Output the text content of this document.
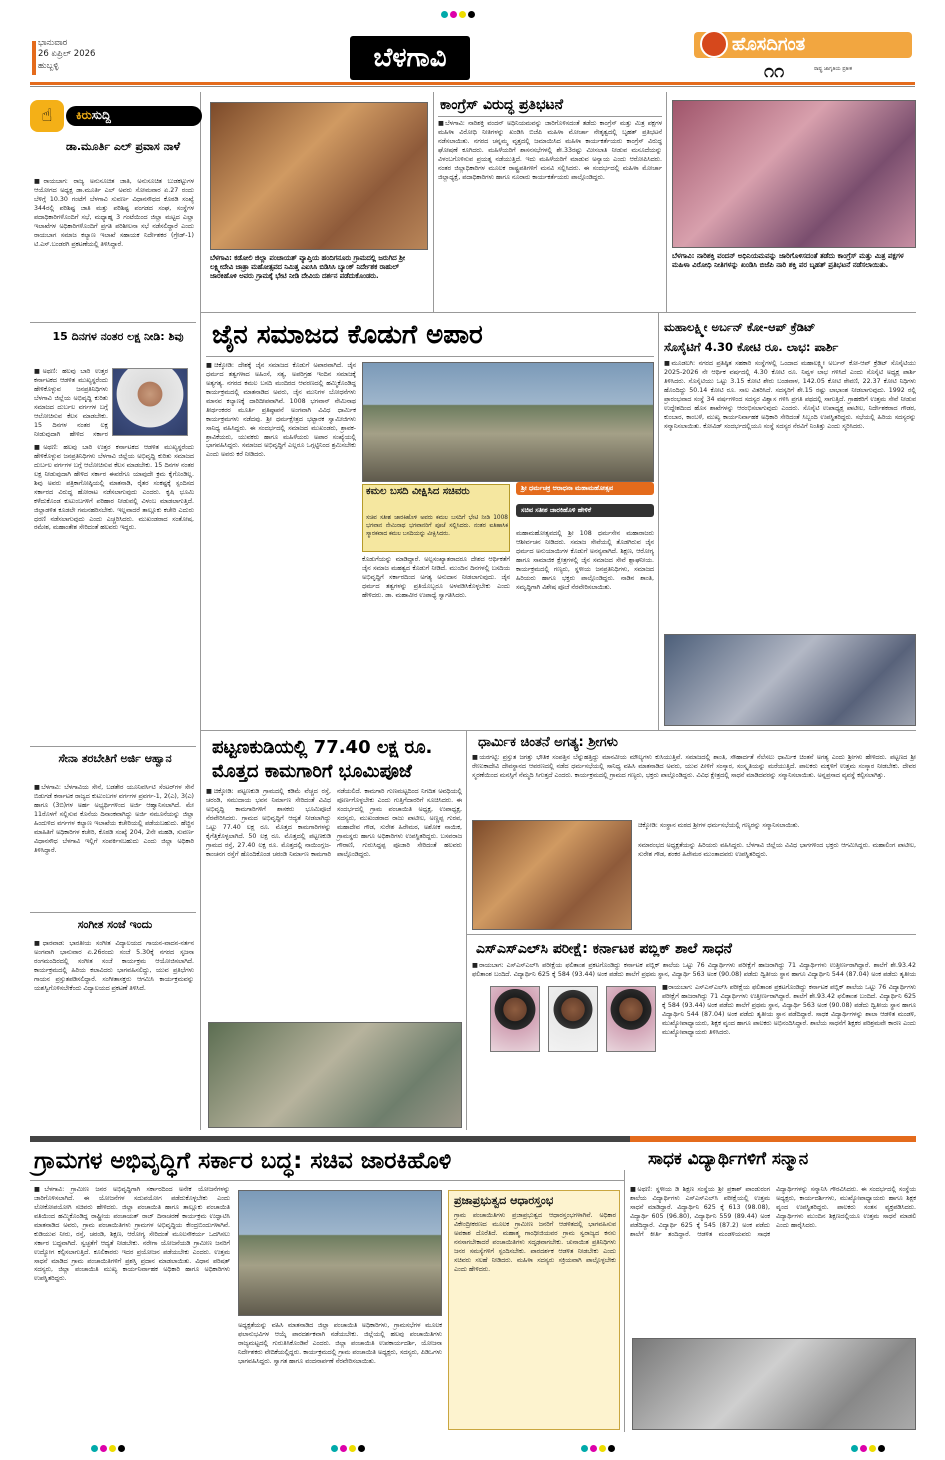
ಭಾನುವಾರ
26 ಏಪ್ರಿಲ್ 2026
ಹುಬ್ಬಳ್ಳಿ	ಬೆಳಗಾವಿ	ಹೊಸದಿಗಂತ
೧೧	ರಾಷ್ಟ್ರ ಜಾಗೃತಿಯ ಪ್ರತೀಕ
☝	ಕಿರುಸುದ್ದಿ
ಡಾ.ಮೂರ್ತಿ ಎಲ್ ಪ್ರವಾಸ ನಾಳೆ
■ರಾಯಬಾಗ: ರಾಜ್ಯ ಅನುಸೂಚಿತ ಜಾತಿ, ಅನುಸೂಚಿತ ಬುಡಕಟ್ಟುಗಳ ಆಯೋಗದ ಅಧ್ಯಕ್ಷ ಡಾ.ಮೂರ್ತಿ ಎಲ್ ಅವರು ಸೋಮವಾರ ಏ.27 ರಂದು ಬೆಳಿಗ್ಗೆ 10.30 ಗಂಟೆಗೆ ಬೆಳಗಾವಿ ಸುವರ್ಣ ವಿಧಾನಸೌಧದ ಕೊಠಡಿ ಸಂಖ್ಯೆ 344ರಲ್ಲಿ ಪರಿಶಿಷ್ಟ ಜಾತಿ ಮತ್ತು ಪರಿಶಿಷ್ಟ ಪಂಗಡದ ಸಂಘ, ಸಂಸ್ಥೆಗಳ ಪದಾಧಿಕಾರಿಗಳೊಂದಿಗೆ ಸಭೆ, ಮಧ್ಯಾಹ್ನ 3 ಗಂಟೆಯಿಂದ ಜಿಲ್ಲಾ ಮಟ್ಟದ ಎಲ್ಲಾ ಇಲಾಖೆಗಳ ಅಧಿಕಾರಿಗಳೊಂದಿಗೆ ಪ್ರಗತಿ ಪರಿಶೀಲನಾ ಸಭೆ ನಡೆಸಲಿದ್ದಾರೆ ಎಂದು ರಾಯಬಾಗ ಸಮಾಜ ಕಲ್ಯಾಣ ಇಲಾಖೆ ಸಹಾಯಕ ನಿರ್ದೇಶಕರ (ಗ್ರೇಡ್-1) ಟಿ.ಎಸ್.ಬಂಡರಗಿ ಪ್ರಕಟಣೆಯಲ್ಲಿ ತಿಳಿಸಿದ್ದಾರೆ.
15 ದಿನಗಳ ನಂತರ ಲಕ್ಷ ನೀಡಿ: ಶಿವು
■ಅಥಣಿ: ಹಲವು ಬಾರಿ ಉತ್ತರ ಕರ್ನಾಟಕದ ಆಡಳಿತ ಮುಖ್ಯಸ್ಥರೆಂದು ಹೇಳಿಕೊಳ್ಳುವ ಜನಪ್ರತಿನಿಧಿಗಳು ಬೆಳಗಾವಿ ಜಿಲ್ಲೆಯ ಅಭಿವೃದ್ಧಿ ಕುರಿತು ಸಮಾಜದ ದುರ್ಬಲ ವರ್ಗಗಳ ಬಗ್ಗೆ ಆಲೋಚಿಸುವ ಕೆಲಸ ಮಾಡಬೇಕು. 15 ದಿನಗಳ ನಂತರ ಲಕ್ಷ ನೀಡುವುದಾಗಿ ಹೇಳಿದ ಸರ್ಕಾರ
■ಅಥಣಿ: ಹಲವು ಬಾರಿ ಉತ್ತರ ಕರ್ನಾಟಕದ ಆಡಳಿತ ಮುಖ್ಯಸ್ಥರೆಂದು ಹೇಳಿಕೊಳ್ಳುವ ಜನಪ್ರತಿನಿಧಿಗಳು ಬೆಳಗಾವಿ ಜಿಲ್ಲೆಯ ಅಭಿವೃದ್ಧಿ ಕುರಿತು ಸಮಾಜದ ದುರ್ಬಲ ವರ್ಗಗಳ ಬಗ್ಗೆ ಆಲೋಚಿಸುವ ಕೆಲಸ ಮಾಡಬೇಕು. 15 ದಿನಗಳ ನಂತರ ಲಕ್ಷ ನೀಡುವುದಾಗಿ ಹೇಳಿದ ಸರ್ಕಾರ ಈವರೆಗೂ ಯಾವುದೇ ಕ್ರಮ ಕೈಗೊಂಡಿಲ್ಲ. ಶಿವು ಅವರು ಪತ್ರಿಕಾಗೋಷ್ಠಿಯಲ್ಲಿ ಮಾತನಾಡಿ, ರೈತರ ಸಂಕಷ್ಟಕ್ಕೆ ಸ್ಪಂದಿಸದ ಸರ್ಕಾರದ ವಿರುದ್ಧ ಹೋರಾಟ ನಡೆಸಲಾಗುವುದು ಎಂದರು. ಕೃಷಿ ಭೂಮಿ ಕಳೆದುಕೊಂಡ ಕುಟುಂಬಗಳಿಗೆ ಪರಿಹಾರ ನೀಡುವಲ್ಲಿ ವಿಳಂಬ ಮಾಡಲಾಗುತ್ತಿದೆ. ಜಿಲ್ಲಾಡಳಿತ ಕೂಡಲೇ ಗಮನಹರಿಸಬೇಕು. ಇಲ್ಲವಾದರೆ ತಾಲ್ಲೂಕು ಕಚೇರಿ ಎದುರು ಧರಣಿ ನಡೆಸಲಾಗುವುದು ಎಂದು ಎಚ್ಚರಿಸಿದರು. ಮುಖಂಡರಾದ ಸಂತೋಷ, ರಮೇಶ, ಮಹಾಂತೇಶ ಸೇರಿದಂತೆ ಹಲವರು ಇದ್ದರು.
ಸೇನಾ ತರಬೇತಿಗೆ ಅರ್ಜಿ ಆಹ್ವಾನ
■ಬೆಳಗಾವಿ: ಬೆಳಗಾವಿಯ ಸೇನೆ, ಬಡತೇರ ಯೂನಿವರ್ಸಿಟಿ ಸೆಂಟರ್‌ಗಳ ಸೇನೆ ಬಿಡುಗಡೆ ಕರ್ನಾಟಕ ರಾಜ್ಯದ ಕುಟುಂಬಗಳ ವರ್ಗಗಳ ಪ್ರವರ್ಗ-1, 2(ಎ), 3(ಎ) ಹಾಗೂ (3ಬಿ)ಗಳ ಅರ್ಹ ಅಭ್ಯರ್ಥಿಗಳಿಂದ ಅರ್ಜಿ ಆಹ್ವಾನಿಸಲಾಗಿದೆ. ಮೇ 11ರೊಳಗೆ ಸಲ್ಲಿಸುವ ಕೊನೆಯ ದಿನಾಂಕವಾಗಿದ್ದು ಅರ್ಜಿ ನಮೂನೆಯನ್ನು ಜಿಲ್ಲಾ ಹಿಂದುಳಿದ ವರ್ಗಗಳ ಕಲ್ಯಾಣ ಇಲಾಖೆಯ ಕಚೇರಿಯಲ್ಲಿ ಪಡೆಯಬಹುದು. ಹೆಚ್ಚಿನ ಮಾಹಿತಿಗೆ ಅಧಿಕಾರಿಗಳ ಕಚೇರಿ, ಕೊಠಡಿ ಸಂಖ್ಯೆ 204, 2ನೇ ಮಹಡಿ, ಸುವರ್ಣ ವಿಧಾನಸೌಧ ಬೆಳಗಾವಿ ಇಲ್ಲಿಗೆ ಸಂಪರ್ಕಿಸಬಹುದು ಎಂದು ಜಿಲ್ಲಾ ಅಧಿಕಾರಿ ತಿಳಿಸಿದ್ದಾರೆ.
ಸಂಗೀತ ಸಂಜೆ ಇಂದು
■ಧಾರವಾಡ: ಭಾರತೀಯ ಸಂಗೀತ ವಿದ್ಯಾಲಯದ ಗಾಯನ-ವಾದನ-ನರ್ತನ ಅಂಗವಾಗಿ ಭಾನುವಾರ ಏ.26ರಂದು ಸಂಜೆ 5.30ಕ್ಕೆ ನಗರದ ಸೃಜನಾ ರಂಗಮಂದಿರದಲ್ಲಿ ಸಂಗೀತ ಸಂಜೆ ಕಾರ್ಯಕ್ರಮ ಆಯೋಜಿಸಲಾಗಿದೆ. ಕಾರ್ಯಕ್ರಮದಲ್ಲಿ ಹಿರಿಯ ಕಲಾವಿದರು ಭಾಗವಹಿಸಲಿದ್ದು, ಯುವ ಪ್ರತಿಭೆಗಳು ಗಾಯನ ಪ್ರಸ್ತುತಪಡಿಸಲಿದ್ದಾರೆ. ಸಂಗೀತಾಸಕ್ತರು ಆಗಮಿಸಿ ಕಾರ್ಯಕ್ರಮವನ್ನು ಯಶಸ್ವಿಗೊಳಿಸಬೇಕೆಂದು ವಿದ್ಯಾಲಯದ ಪ್ರಕಟಣೆ ತಿಳಿಸಿದೆ.
ಬೆಳಗಾವಿ: ಕಡೋಲಿ ಜಿಲ್ಲಾ ಪಂಚಾಯತ್ ವ್ಯಾಪ್ತಿಯ ಹಂದಿಗನೂರು ಗ್ರಾಮದಲ್ಲಿ ಜರುಗಿದ ಶ್ರೀ ಲಕ್ಷ್ಮೀದೇವಿ ಜಾತ್ರಾ ಮಹೋತ್ಸವದ ನಿಮಿತ್ತ ಎಐಸಿಸಿ ಬಿಡಿಸಿಸಿ ಬ್ಯಾಂಕ್ ನಿರ್ದೇಶಕ ರಾಹುಲ್ ಜಾರಕಿಹೊಳಿ ಅವರು ಗ್ರಾಮಕ್ಕೆ ಭೇಟಿ ನೀಡಿ ದೇವಿಯ ದರ್ಶನ ಪಡೆದುಕೊಂಡರು.
ಕಾಂಗ್ರೆಸ್ ವಿರುದ್ಧ ಪ್ರತಿಭಟನೆ
■ಬೆಳಗಾವಿ: ನಾರಿಶಕ್ತಿ ವಂದನ್ ಅಧಿನಿಯಮವನ್ನು ಜಾರಿಗೊಳಿಸದಂತೆ ತಡೆದು ಕಾಂಗ್ರೆಸ್ ಮತ್ತು ಮಿತ್ರ ಪಕ್ಷಗಳ ಮಹಿಳಾ ವಿರೋಧಿ ನೀತಿಗಳನ್ನು ಖಂಡಿಸಿ ಬಿಜೆಪಿ ಮಹಿಳಾ ಮೋರ್ಚಾ ನೇತೃತ್ವದಲ್ಲಿ ಬೃಹತ್ ಪ್ರತಿಭಟನೆ ನಡೆಸಲಾಯಿತು. ನಗರದ ಚನ್ನಮ್ಮ ವೃತ್ತದಲ್ಲಿ ಜಮಾಯಿಸಿದ ಮಹಿಳಾ ಕಾರ್ಯಕರ್ತೆಯರು ಕಾಂಗ್ರೆಸ್ ವಿರುದ್ಧ ಘೋಷಣೆ ಕೂಗಿದರು. ಮಹಿಳೆಯರಿಗೆ ಶಾಸನಸಭೆಗಳಲ್ಲಿ ಶೇ.33ರಷ್ಟು ಮೀಸಲಾತಿ ನೀಡುವ ಮಸೂದೆಯನ್ನು ವಿಳಂಬಗೊಳಿಸುವ ಪ್ರಯತ್ನ ನಡೆಯುತ್ತಿದೆ. ಇದು ಮಹಿಳೆಯರಿಗೆ ಮಾಡುವ ಅನ್ಯಾಯ ಎಂದು ಆರೋಪಿಸಿದರು. ನಂತರ ಜಿಲ್ಲಾಧಿಕಾರಿಗಳ ಮೂಲಕ ರಾಷ್ಟ್ರಪತಿಗಳಿಗೆ ಮನವಿ ಸಲ್ಲಿಸಿದರು. ಈ ಸಂದರ್ಭದಲ್ಲಿ ಮಹಿಳಾ ಮೋರ್ಚಾ ಜಿಲ್ಲಾಧ್ಯಕ್ಷೆ, ಪದಾಧಿಕಾರಿಗಳು ಹಾಗೂ ನೂರಾರು ಕಾರ್ಯಕರ್ತೆಯರು ಪಾಲ್ಗೊಂಡಿದ್ದರು.
ಬೆಳಗಾವಿ: ನಾರಿಶಕ್ತಿ ವಂದನ್ ಅಧಿನಿಯಮವನ್ನು ಜಾರಿಗೊಳಿಸದಂತೆ ತಡೆದು ಕಾಂಗ್ರೆಸ್ ಮತ್ತು ಮಿತ್ರ ಪಕ್ಷಗಳ ಮಹಿಳಾ ವಿರೋಧಿ ನೀತಿಗಳನ್ನು ಖಂಡಿಸಿ ಬಿಜೆಪಿ ನಾರಿ ಶಕ್ತಿ ಪರ ಬೃಹತ್ ಪ್ರತಿಭಟನೆ ನಡೆಸಲಾಯಿತು.
ಜೈನ ಸಮಾಜದ ಕೊಡುಗೆ ಅಪಾರ
■ಚಿಕ್ಕೋಡಿ: ದೇಶಕ್ಕೆ ಜೈನ ಸಮಾಜದ ಕೊಡುಗೆ ಅಪಾರವಾಗಿದೆ. ಜೈನ ಧರ್ಮದ ತತ್ವಗಳಾದ ಅಹಿಂಸೆ, ಸತ್ಯ, ಅಪರಿಗ್ರಹ ಇಂದಿನ ಸಮಾಜಕ್ಕೆ ಅತ್ಯಗತ್ಯ. ನಗರದ ಕಮಲ ಬಸದಿ ಮಂದಿರದ ಆವರಣದಲ್ಲಿ ಹಮ್ಮಿಕೊಂಡಿದ್ದ ಕಾರ್ಯಕ್ರಮದಲ್ಲಿ ಮಾತನಾಡಿದ ಅವರು, ಜೈನ ಮುನಿಗಳ ಬೋಧನೆಗಳು ಮಾನವ ಕಲ್ಯಾಣಕ್ಕೆ ದಾರಿದೀಪವಾಗಿವೆ. 1008 ಭಗವಾನ್ ನೇಮಿನಾಥ ತೀರ್ಥಂಕರರ ಮೂರ್ತಿ ಪ್ರತಿಷ್ಠಾಪನೆ ಅಂಗವಾಗಿ ವಿವಿಧ ಧಾರ್ಮಿಕ ಕಾರ್ಯಕ್ರಮಗಳು ನಡೆದವು. ಶ್ರೀ ಧರ್ಮಕ್ಷೇತ್ರದ ಭಟ್ಟಾರಕ ಸ್ವಾಮೀಜಿಗಳು ಸಾನಿಧ್ಯ ವಹಿಸಿದ್ದರು. ಈ ಸಂದರ್ಭದಲ್ಲಿ ಸಮಾಜದ ಮುಖಂಡರು, ಶ್ರಾವಕ-ಶ್ರಾವಿಕೆಯರು, ಯುವಕರು ಹಾಗೂ ಮಹಿಳೆಯರು ಅಪಾರ ಸಂಖ್ಯೆಯಲ್ಲಿ ಭಾಗವಹಿಸಿದ್ದರು. ಸಮಾಜದ ಅಭಿವೃದ್ಧಿಗೆ ಎಲ್ಲರೂ ಒಗ್ಗಟ್ಟಿನಿಂದ ಶ್ರಮಿಸಬೇಕು ಎಂದು ಅವರು ಕರೆ ನೀಡಿದರು.
ಶ್ರೀ ಧರ್ಮಚಕ್ರ ಆರಾಧನಾ ಮಹಾಮಹೋತ್ಸವ
ಸಚಿವ ಸತೀಶ ಜಾರಕಿಹೊಳಿ ಹೇಳಿಕೆ
ಕಮಲ ಬಸದಿ ವೀಕ್ಷಿಸಿದ ಸಚಿವರು
ಸಚಿವ ಸತೀಶ ಜಾರಕಿಹೊಳಿ ಅವರು ಕಮಲ ಬಸದಿಗೆ ಭೇಟಿ ನೀಡಿ 1008 ಭಗವಾನ ನೇಮಿನಾಥ ಭಗವಾನರಿಗೆ ಪೂಜೆ ಸಲ್ಲಿಸಿದರು. ನಂತರ ಐತಿಹಾಸಿಕ ಸ್ಮಾರಕವಾದ ಕಮಲ ಬಸದಿಯನ್ನು ವೀಕ್ಷಿಸಿದರು.
ಕೊಡುಗೆಯನ್ನು ಮಾಡಿದ್ದಾರೆ. ಅಲ್ಪಸಂಖ್ಯಾತರಾದರೂ ದೇಶದ ಆರ್ಥಿಕತೆಗೆ ಜೈನ ಸಮಾಜ ಮಹತ್ವದ ಕೊಡುಗೆ ನೀಡಿದೆ. ಮುಂದಿನ ದಿನಗಳಲ್ಲಿ ಬಸದಿಯ ಅಭಿವೃದ್ಧಿಗೆ ಸರ್ಕಾರದಿಂದ ಅಗತ್ಯ ಅನುದಾನ ನೀಡಲಾಗುವುದು. ಜೈನ ಧರ್ಮದ ತತ್ವಗಳನ್ನು ಪ್ರತಿಯೊಬ್ಬರೂ ಅಳವಡಿಸಿಕೊಳ್ಳಬೇಕು ಎಂದು ಹೇಳಿದರು. ಡಾ. ಮಹಾವೀರ ಉಪಾಧ್ಯೆ ಸ್ವಾಗತಿಸಿದರು.
ಮಹಾಮಹೋತ್ಸವದಲ್ಲಿ ಶ್ರೀ 108 ಧರ್ಮಸೇನ ಮಹಾರಾಜರು ಆಶೀರ್ವಚನ ನೀಡಿದರು. ಸಮಾಜ ಸೇವೆಯಲ್ಲಿ ತೊಡಗಿರುವ ಜೈನ ಧರ್ಮದ ಅನುಯಾಯಿಗಳ ಕೊಡುಗೆ ಅನನ್ಯವಾಗಿದೆ. ಶಿಕ್ಷಣ, ಆರೋಗ್ಯ ಹಾಗೂ ಸಾಮಾಜಿಕ ಕ್ಷೇತ್ರಗಳಲ್ಲಿ ಜೈನ ಸಮಾಜದ ಸೇವೆ ಶ್ಲಾಘನೀಯ. ಕಾರ್ಯಕ್ರಮದಲ್ಲಿ ಗಣ್ಯರು, ಸ್ಥಳೀಯ ಜನಪ್ರತಿನಿಧಿಗಳು, ಸಮಾಜದ ಹಿರಿಯರು ಹಾಗೂ ಭಕ್ತರು ಪಾಲ್ಗೊಂಡಿದ್ದರು. ನಾಡಿನ ಶಾಂತಿ, ಸಮೃದ್ಧಿಗಾಗಿ ವಿಶೇಷ ಪೂಜೆ ನೆರವೇರಿಸಲಾಯಿತು.
ಮಹಾಲಕ್ಷ್ಮೀ ಅರ್ಬನ್ ಕೋ-ಆಪ್ ಕ್ರೆಡಿಟ್
ಸೊಸೈಟಿಗೆ 4.30 ಕೋಟಿ ರೂ. ಲಾಭ: ಪಾರ್ಶಿ
■ಮೂಡಲಗಿ: ನಗರದ ಪ್ರತಿಷ್ಠಿತ ಸಹಕಾರಿ ಸಂಸ್ಥೆಗಳಲ್ಲಿ ಒಂದಾದ ಮಹಾಲಕ್ಷ್ಮೀ ಅರ್ಬನ್ ಕೋ-ಆಪ್ ಕ್ರೆಡಿಟ್ ಸೊಸೈಟಿಯು 2025-2026 ನೇ ಆರ್ಥಿಕ ವರ್ಷದಲ್ಲಿ 4.30 ಕೋಟಿ ರೂ. ನಿವ್ವಳ ಲಾಭ ಗಳಿಸಿದೆ ಎಂದು ಸೊಸೈಟಿ ಅಧ್ಯಕ್ಷ ಪಾರ್ಶಿ ತಿಳಿಸಿದರು. ಸೊಸೈಟಿಯು ಒಟ್ಟು 3.15 ಕೋಟಿ ಶೇರು ಬಂಡವಾಳ, 142.05 ಕೋಟಿ ಠೇವಣಿ, 22.37 ಕೋಟಿ ನಿಧಿಗಳು ಹೊಂದಿದ್ದು 50.14 ಕೋಟಿ ರೂ. ಸಾಲ ವಿತರಿಸಿದೆ. ಸದಸ್ಯರಿಗೆ ಶೇ.15 ರಷ್ಟು ಲಾಭಾಂಶ ನೀಡಲಾಗುವುದು. 1992 ರಲ್ಲಿ ಪ್ರಾರಂಭವಾದ ಸಂಸ್ಥೆ 34 ವರ್ಷಗಳಿಂದ ಸದಸ್ಯರ ವಿಶ್ವಾಸ ಗಳಿಸಿ ಪ್ರಗತಿ ಪಥದಲ್ಲಿ ಸಾಗುತ್ತಿದೆ. ಗ್ರಾಹಕರಿಗೆ ಉತ್ತಮ ಸೇವೆ ನೀಡುವ ಉದ್ದೇಶದಿಂದ ಹೊಸ ಶಾಖೆಗಳನ್ನು ಆರಂಭಿಸಲಾಗುವುದು ಎಂದರು. ಸೊಸೈಟಿ ಉಪಾಧ್ಯಕ್ಷ ಪಾಟೀಲ, ನಿರ್ದೇಶಕರಾದ ಗೌಡರ, ಕುಂಬಾರ, ಕಾಂಬಳೆ, ಮುಖ್ಯ ಕಾರ್ಯನಿರ್ವಾಹಕ ಅಧಿಕಾರಿ ಸೇರಿದಂತೆ ಸಿಬ್ಬಂದಿ ಉಪಸ್ಥಿತರಿದ್ದರು. ಸಭೆಯಲ್ಲಿ ಹಿರಿಯ ಸದಸ್ಯರನ್ನು ಸನ್ಮಾನಿಸಲಾಯಿತು. ಕೋವಿಡ್ ಸಂದರ್ಭದಲ್ಲಿಯೂ ಸಂಸ್ಥೆ ಸದಸ್ಯರ ನೆರವಿಗೆ ನಿಂತಿತ್ತು ಎಂದು ಸ್ಮರಿಸಿದರು.
ಪಟ್ಟಣಕುಡಿಯಲ್ಲಿ 77.40 ಲಕ್ಷ ರೂ.
ಮೊತ್ತದ ಕಾಮಗಾರಿಗೆ ಭೂಮಿಪೂಜೆ
■ಚಿಕ್ಕೋಡಿ: ಪಟ್ಟಣಕುಡಿ ಗ್ರಾಮದಲ್ಲಿ ಕಡಿಮೆ ವೆಚ್ಚದ ರಸ್ತೆ, ಚರಂಡಿ, ಸಮುದಾಯ ಭವನ ನಿರ್ಮಾಣ ಸೇರಿದಂತೆ ವಿವಿಧ ಅಭಿವೃದ್ಧಿ ಕಾಮಗಾರಿಗಳಿಗೆ ಶಾಸಕರು ಭೂಮಿಪೂಜೆ ನೆರವೇರಿಸಿದರು. ಗ್ರಾಮದ ಅಭಿವೃದ್ಧಿಗೆ ಆದ್ಯತೆ ನೀಡಲಾಗಿದ್ದು ಒಟ್ಟು 77.40 ಲಕ್ಷ ರೂ. ಮೊತ್ತದ ಕಾಮಗಾರಿಗಳನ್ನು ಕೈಗೆತ್ತಿಕೊಳ್ಳಲಾಗಿದೆ. 50 ಲಕ್ಷ ರೂ. ಮೊತ್ತದಲ್ಲಿ ಪಟ್ಟಣಕುಡಿ ಗ್ರಾಮದ ರಸ್ತೆ, 27.40 ಲಕ್ಷ ರೂ. ಮೊತ್ತದಲ್ಲಿ ನಾಯಿಂಗ್ಲಜ-ಕಾಂಚನಗ ರಸ್ತೆಗೆ ಹೊಂದಿಕೊಂಡ ಚರಂಡಿ ನಿರ್ಮಾಣ ಕಾಮಗಾರಿ ನಡೆಯಲಿದೆ. ಕಾಮಗಾರಿ ಗುಣಮಟ್ಟದಿಂದ ನಿಗದಿತ ಅವಧಿಯಲ್ಲಿ ಪೂರ್ಣಗೊಳ್ಳಬೇಕು ಎಂದು ಗುತ್ತಿಗೆದಾರರಿಗೆ ಸೂಚಿಸಿದರು. ಈ ಸಂದರ್ಭದಲ್ಲಿ ಗ್ರಾಮ ಪಂಚಾಯಿತಿ ಅಧ್ಯಕ್ಷ, ಉಪಾಧ್ಯಕ್ಷ, ಸದಸ್ಯರು, ಮುಖಂಡರಾದ ರಾಜು ಪಾಟೀಲ, ಅಣ್ಣಪ್ಪ ಗುರವ, ಮಹಾದೇವ ಗೌಡ, ಸುರೇಶ ಹಿರೇಮಠ, ಅಶೋಕ ನಾಯಿಕ, ಗ್ರಾಮಸ್ಥರು ಹಾಗೂ ಅಧಿಕಾರಿಗಳು ಉಪಸ್ಥಿತರಿದ್ದರು. ಬಸವರಾಜ ಗೌರಾಣಿ, ಗುರುಸಿದ್ದಪ್ಪ ಪೂಜಾರಿ ಸೇರಿದಂತೆ ಹಲವರು ಪಾಲ್ಗೊಂಡಿದ್ದರು.
ಧಾರ್ಮಿಕ ಚಿಂತನೆ ಅಗತ್ಯ: ಶ್ರೀಗಳು
■ಯರಗಟ್ಟಿ: ಪ್ರಸ್ತುತ ಜಗತ್ತು ಭೌತಿಕ ಸಂಪತ್ತಿನ ಬೆನ್ನುಹತ್ತಿದ್ದು ಮಾನವೀಯ ಮೌಲ್ಯಗಳು ಕುಸಿಯುತ್ತಿವೆ. ಸಮಾಜದಲ್ಲಿ ಶಾಂತಿ, ಸೌಹಾರ್ದತೆ ನೆಲೆಸಲು ಧಾರ್ಮಿಕ ಚಿಂತನೆ ಅಗತ್ಯ ಎಂದು ಶ್ರೀಗಳು ಹೇಳಿದರು. ಪಟ್ಟಣದ ಶ್ರೀ ರೇಣುಕಾದೇವಿ ದೇವಸ್ಥಾನದ ಆವರಣದಲ್ಲಿ ನಡೆದ ಧರ್ಮಸಭೆಯಲ್ಲಿ ಸಾನಿಧ್ಯ ವಹಿಸಿ ಮಾತನಾಡಿದ ಅವರು, ಯುವ ಪೀಳಿಗೆ ಸಂಸ್ಕಾರ, ಸಂಸ್ಕೃತಿಯನ್ನು ಮರೆಯುತ್ತಿದೆ. ಪಾಲಕರು ಮಕ್ಕಳಿಗೆ ಉತ್ತಮ ಸಂಸ್ಕಾರ ನೀಡಬೇಕು. ದೇವರ ಸ್ಮರಣೆಯಿಂದ ಮನಸ್ಸಿಗೆ ನೆಮ್ಮದಿ ಸಿಗುತ್ತದೆ ಎಂದರು. ಕಾರ್ಯಕ್ರಮದಲ್ಲಿ ಗ್ರಾಮದ ಗಣ್ಯರು, ಭಕ್ತರು ಪಾಲ್ಗೊಂಡಿದ್ದರು. ವಿವಿಧ ಕ್ಷೇತ್ರದಲ್ಲಿ ಸಾಧನೆ ಮಾಡಿದವರನ್ನು ಸನ್ಮಾನಿಸಲಾಯಿತು. ಅನ್ನಪ್ರಸಾದ ವ್ಯವಸ್ಥೆ ಕಲ್ಪಿಸಲಾಗಿತ್ತು.
ಚಿಕ್ಕೋಡಿ: ಸಂಸ್ಥಾನ ಮಠದ ಶ್ರೀಗಳ ಧರ್ಮಸಭೆಯಲ್ಲಿ ಗಣ್ಯರನ್ನು ಸನ್ಮಾನಿಸಲಾಯಿತು.
ಸಮಾರಂಭದ ಅಧ್ಯಕ್ಷತೆಯನ್ನು ಹಿರಿಯರು ವಹಿಸಿದ್ದರು. ಬೆಳಗಾವಿ ಜಿಲ್ಲೆಯ ವಿವಿಧ ಭಾಗಗಳಿಂದ ಭಕ್ತರು ಆಗಮಿಸಿದ್ದರು. ಮಹಾಲಿಂಗ ಪಾಟೀಲ, ಸುರೇಶ ಗೌಡ, ಶಂಕರ ಹಿರೇಮಠ ಮುಂತಾದವರು ಉಪಸ್ಥಿತರಿದ್ದರು.
ಎಸ್‌ಎಸ್‌ಎಲ್‌ಸಿ ಪರೀಕ್ಷೆ: ಕರ್ನಾಟಕ ಪಬ್ಲಿಕ್ ಶಾಲೆ ಸಾಧನೆ
■ರಾಯಬಾಗ: ಎಸ್‌ಎಸ್‌ಎಲ್‌ಸಿ ಪರೀಕ್ಷೆಯ ಫಲಿತಾಂಶ ಪ್ರಕಟಗೊಂಡಿದ್ದು ಕರ್ನಾಟಕ ಪಬ್ಲಿಕ್ ಶಾಲೆಯ ಒಟ್ಟು 76 ವಿದ್ಯಾರ್ಥಿಗಳು ಪರೀಕ್ಷೆಗೆ ಹಾಜರಾಗಿದ್ದು 71 ವಿದ್ಯಾರ್ಥಿಗಳು ಉತ್ತೀರ್ಣರಾಗಿದ್ದಾರೆ. ಶಾಲೆಗೆ ಶೇ.93.42 ಫಲಿತಾಂಶ ಬಂದಿದೆ. ವಿದ್ಯಾರ್ಥಿನಿ 625 ಕ್ಕೆ 584 (93.44) ಅಂಕ ಪಡೆದು ಶಾಲೆಗೆ ಪ್ರಥಮ ಸ್ಥಾನ, ವಿದ್ಯಾರ್ಥಿ 563 ಅಂಕ (90.08) ಪಡೆದು ದ್ವಿತೀಯ ಸ್ಥಾನ ಹಾಗೂ ವಿದ್ಯಾರ್ಥಿನಿ 544 (87.04) ಅಂಕ ಪಡೆದು ತೃತೀಯ
■ರಾಯಬಾಗ: ಎಸ್‌ಎಸ್‌ಎಲ್‌ಸಿ ಪರೀಕ್ಷೆಯ ಫಲಿತಾಂಶ ಪ್ರಕಟಗೊಂಡಿದ್ದು ಕರ್ನಾಟಕ ಪಬ್ಲಿಕ್ ಶಾಲೆಯ ಒಟ್ಟು 76 ವಿದ್ಯಾರ್ಥಿಗಳು ಪರೀಕ್ಷೆಗೆ ಹಾಜರಾಗಿದ್ದು 71 ವಿದ್ಯಾರ್ಥಿಗಳು ಉತ್ತೀರ್ಣರಾಗಿದ್ದಾರೆ. ಶಾಲೆಗೆ ಶೇ.93.42 ಫಲಿತಾಂಶ ಬಂದಿದೆ. ವಿದ್ಯಾರ್ಥಿನಿ 625 ಕ್ಕೆ 584 (93.44) ಅಂಕ ಪಡೆದು ಶಾಲೆಗೆ ಪ್ರಥಮ ಸ್ಥಾನ, ವಿದ್ಯಾರ್ಥಿ 563 ಅಂಕ (90.08) ಪಡೆದು ದ್ವಿತೀಯ ಸ್ಥಾನ ಹಾಗೂ ವಿದ್ಯಾರ್ಥಿನಿ 544 (87.04) ಅಂಕ ಪಡೆದು ತೃತೀಯ ಸ್ಥಾನ ಪಡೆದಿದ್ದಾರೆ. ಸಾಧಕ ವಿದ್ಯಾರ್ಥಿಗಳನ್ನು ಶಾಲಾ ಆಡಳಿತ ಮಂಡಳಿ, ಮುಖ್ಯೋಪಾಧ್ಯಾಯರು, ಶಿಕ್ಷಕ ವೃಂದ ಹಾಗೂ ಪಾಲಕರು ಅಭಿನಂದಿಸಿದ್ದಾರೆ. ಶಾಲೆಯ ಸಾಧನೆಗೆ ಶಿಕ್ಷಕರ ಪರಿಶ್ರಮವೇ ಕಾರಣ ಎಂದು ಮುಖ್ಯೋಪಾಧ್ಯಾಯರು ತಿಳಿಸಿದರು.
ಗ್ರಾಮಗಳ ಅಭಿವೃದ್ಧಿಗೆ ಸರ್ಕಾರ ಬದ್ಧ: ಸಚಿವ ಜಾರಕಿಹೊಳಿ
■ಬೆಳಗಾವಿ: ಗ್ರಾಮೀಣ ಜನರ ಅಭಿವೃದ್ಧಿಗಾಗಿ ಸರ್ಕಾರದಿಂದ ಅನೇಕ ಯೋಜನೆಗಳನ್ನು ಜಾರಿಗೊಳಿಸಲಾಗಿದೆ. ಈ ಯೋಜನೆಗಳ ಸದುಪಯೋಗ ಪಡೆದುಕೊಳ್ಳಬೇಕು ಎಂದು ಲೋಕೋಪಯೋಗಿ ಸಚಿವರು ಹೇಳಿದರು. ಜಿಲ್ಲಾ ಪಂಚಾಯಿತಿ ಹಾಗೂ ತಾಲ್ಲೂಕು ಪಂಚಾಯಿತಿ ವತಿಯಿಂದ ಹಮ್ಮಿಕೊಂಡಿದ್ದ ರಾಷ್ಟ್ರೀಯ ಪಂಚಾಯತ್ ರಾಜ್ ದಿನಾಚರಣೆ ಕಾರ್ಯಕ್ರಮ ಉದ್ಘಾಟಿಸಿ ಮಾತನಾಡಿದ ಅವರು, ಗ್ರಾಮ ಪಂಚಾಯಿತಿಗಳು ಗ್ರಾಮಗಳ ಅಭಿವೃದ್ಧಿಯ ಕೇಂದ್ರಬಿಂದುಗಳಾಗಿವೆ. ಕುಡಿಯುವ ನೀರು, ರಸ್ತೆ, ಚರಂಡಿ, ಶಿಕ್ಷಣ, ಆರೋಗ್ಯ ಸೇರಿದಂತೆ ಮೂಲಸೌಕರ್ಯ ಒದಗಿಸಲು ಸರ್ಕಾರ ಬದ್ಧವಾಗಿದೆ. ಸ್ವಚ್ಛತೆಗೆ ಆದ್ಯತೆ ನೀಡಬೇಕು. ನರೇಗಾ ಯೋಜನೆಯಡಿ ಗ್ರಾಮೀಣ ಜನರಿಗೆ ಉದ್ಯೋಗ ಕಲ್ಪಿಸಲಾಗುತ್ತಿದೆ. ಕೂಲಿಕಾರರು ಇದರ ಪ್ರಯೋಜನ ಪಡೆಯಬೇಕು ಎಂದರು. ಉತ್ತಮ ಸಾಧನೆ ಮಾಡಿದ ಗ್ರಾಮ ಪಂಚಾಯಿತಿಗಳಿಗೆ ಪ್ರಶಸ್ತಿ ಪ್ರದಾನ ಮಾಡಲಾಯಿತು. ವಿಧಾನ ಪರಿಷತ್ ಸದಸ್ಯರು, ಜಿಲ್ಲಾ ಪಂಚಾಯಿತಿ ಮುಖ್ಯ ಕಾರ್ಯನಿರ್ವಾಹಕ ಅಧಿಕಾರಿ ಹಾಗೂ ಅಧಿಕಾರಿಗಳು ಉಪಸ್ಥಿತರಿದ್ದರು.
ಅಧ್ಯಕ್ಷತೆಯನ್ನು ವಹಿಸಿ ಮಾತನಾಡಿದ ಜಿಲ್ಲಾ ಪಂಚಾಯಿತಿ ಅಧಿಕಾರಿಗಳು, ಗ್ರಾಮಸಭೆಗಳ ಮೂಲಕ ಫಲಾನುಭವಿಗಳ ಆಯ್ಕೆ ಪಾರದರ್ಶಕವಾಗಿ ನಡೆಯಬೇಕು. ಜಿಲ್ಲೆಯಲ್ಲಿ ಹಲವು ಪಂಚಾಯಿತಿಗಳು ರಾಜ್ಯಮಟ್ಟದಲ್ಲಿ ಗುರುತಿಸಿಕೊಂಡಿವೆ ಎಂದರು. ಜಿಲ್ಲಾ ಪಂಚಾಯಿತಿ ಉಪಕಾರ್ಯದರ್ಶಿ, ಯೋಜನಾ ನಿರ್ದೇಶಕರು ವೇದಿಕೆಯಲ್ಲಿದ್ದರು. ಕಾರ್ಯಕ್ರಮದಲ್ಲಿ ಗ್ರಾಮ ಪಂಚಾಯಿತಿ ಅಧ್ಯಕ್ಷರು, ಸದಸ್ಯರು, ಪಿಡಿಒಗಳು ಭಾಗವಹಿಸಿದ್ದರು. ಸ್ವಾಗತ ಹಾಗೂ ವಂದನಾರ್ಪಣೆ ನೆರವೇರಿಸಲಾಯಿತು.
ಪ್ರಜಾಪ್ರಭುತ್ವದ ಆಧಾರಸ್ತಂಭ
ಗ್ರಾಮ ಪಂಚಾಯಿತಿಗಳು ಪ್ರಜಾಪ್ರಭುತ್ವದ ಆಧಾರಸ್ತಂಭಗಳಾಗಿವೆ. ಅಧಿಕಾರ ವಿಕೇಂದ್ರೀಕರಣದ ಮೂಲಕ ಗ್ರಾಮೀಣ ಜನರಿಗೆ ಆಡಳಿತದಲ್ಲಿ ಭಾಗವಹಿಸುವ ಅವಕಾಶ ದೊರೆತಿದೆ. ಮಹಾತ್ಮ ಗಾಂಧೀಜಿಯವರ ಗ್ರಾಮ ಸ್ವರಾಜ್ಯದ ಕನಸು ನನಸಾಗಬೇಕಾದರೆ ಪಂಚಾಯಿತಿಗಳು ಸದೃಢವಾಗಬೇಕು. ಚುನಾಯಿತ ಪ್ರತಿನಿಧಿಗಳು ಜನರ ಸಮಸ್ಯೆಗಳಿಗೆ ಸ್ಪಂದಿಸಬೇಕು. ಪಾರದರ್ಶಕ ಆಡಳಿತ ನೀಡಬೇಕು ಎಂದು ಸಚಿವರು ಸಲಹೆ ನೀಡಿದರು. ಮಹಿಳಾ ಸದಸ್ಯರು ಸಕ್ರಿಯವಾಗಿ ಪಾಲ್ಗೊಳ್ಳಬೇಕು ಎಂದು ಹೇಳಿದರು.
ಸಾಧಕ ವಿದ್ಯಾರ್ಥಿಗಳಿಗೆ ಸನ್ಮಾನ
■ಅಥಣಿ: ಸ್ಥಳೀಯ ಡಿ ಶಿಕ್ಷಣ ಸಂಸ್ಥೆಯ ಶ್ರೀ ಪ್ರಕಾಶ್ ಪಾಂಡುರಂಗ ಶಾಲೆಯ ವಿದ್ಯಾರ್ಥಿಗಳು ಎಸ್‌ಎಸ್‌ಎಲ್‌ಸಿ ಪರೀಕ್ಷೆಯಲ್ಲಿ ಉತ್ತಮ ಸಾಧನೆ ಮಾಡಿದ್ದಾರೆ. ವಿದ್ಯಾರ್ಥಿನಿ 625 ಕ್ಕೆ 613 (98.08), ವಿದ್ಯಾರ್ಥಿ 605 (96.80), ವಿದ್ಯಾರ್ಥಿನಿ 559 (89.44) ಅಂಕ ಪಡೆದಿದ್ದಾರೆ. ವಿದ್ಯಾರ್ಥಿ 625 ಕ್ಕೆ 545 (87.2) ಅಂಕ ಪಡೆದು ಶಾಲೆಗೆ ಕೀರ್ತಿ ತಂದಿದ್ದಾರೆ. ಆಡಳಿತ ಮಂಡಳಿಯವರು ಸಾಧಕ ವಿದ್ಯಾರ್ಥಿಗಳನ್ನು ಸನ್ಮಾನಿಸಿ ಗೌರವಿಸಿದರು. ಈ ಸಂದರ್ಭದಲ್ಲಿ ಸಂಸ್ಥೆಯ ಅಧ್ಯಕ್ಷರು, ಕಾರ್ಯದರ್ಶಿಗಳು, ಮುಖ್ಯೋಪಾಧ್ಯಾಯರು ಹಾಗೂ ಶಿಕ್ಷಕ ವೃಂದ ಉಪಸ್ಥಿತರಿದ್ದರು. ಪಾಲಕರು ಸಂತಸ ವ್ಯಕ್ತಪಡಿಸಿದರು. ವಿದ್ಯಾರ್ಥಿಗಳು ಮುಂದಿನ ಶಿಕ್ಷಣದಲ್ಲಿಯೂ ಉತ್ತಮ ಸಾಧನೆ ಮಾಡಲಿ ಎಂದು ಹಾರೈಸಿದರು.
